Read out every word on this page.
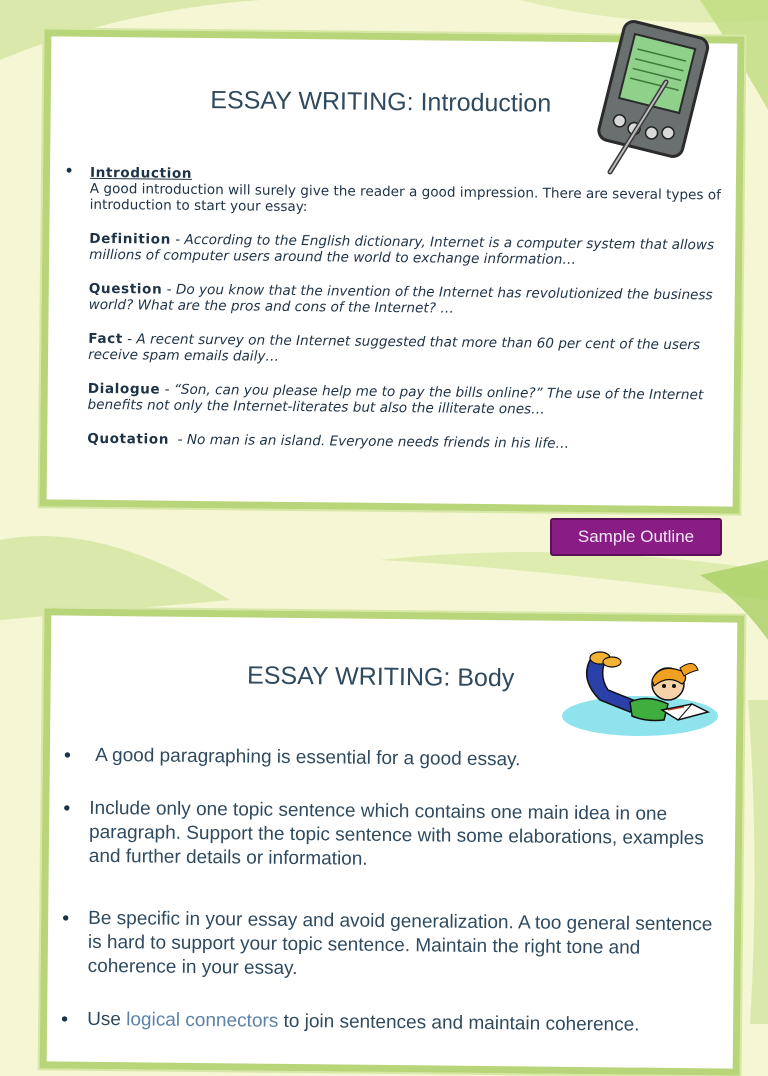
ESSAY WRITING: Introduction
• Introduction
A good introduction will surely give the reader a good impression. There are several types of introduction to start your essay:
Definition - According to the English dictionary, Internet is a computer system that allows millions of computer users around the world to exchange information…
Question - Do you know that the invention of the Internet has revolutionized the business world? What are the pros and cons of the Internet? …
Fact - A recent survey on the Internet suggested that more than 60 per cent of the users receive spam emails daily…
Dialogue - “Son, can you please help me to pay the bills online?” The use of the Internet benefits not only the Internet-literates but also the illiterate ones…
Quotation  - No man is an island. Everyone needs friends in his life…
Sample Outline
ESSAY WRITING: Body
• A good paragraphing is essential for a good essay.
• Include only one topic sentence which contains one main idea in one paragraph. Support the topic sentence with some elaborations, examples and further details or information.
• Be specific in your essay and avoid generalization. A too general sentence is hard to support your topic sentence. Maintain the right tone and coherence in your essay.
• Use logical connectors to join sentences and maintain coherence.
